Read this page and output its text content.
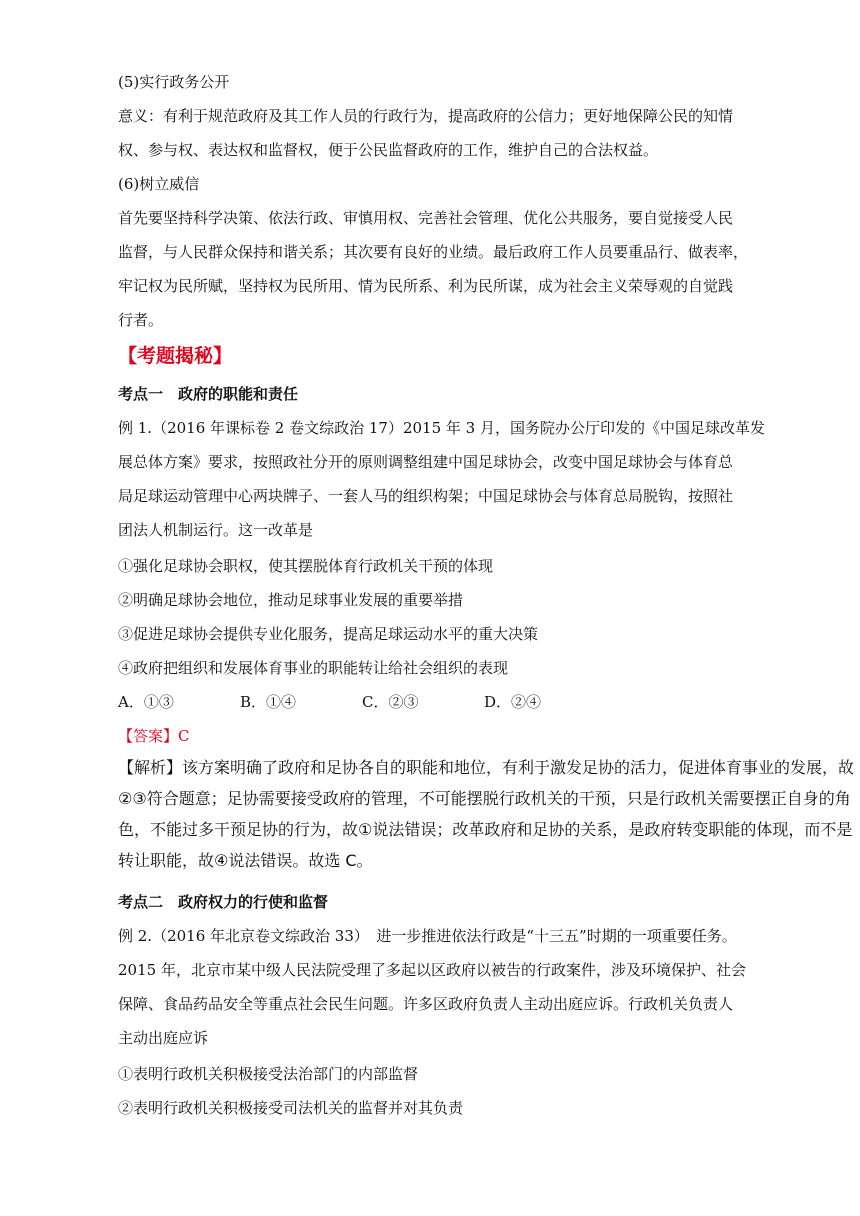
(5)实行政务公开

意义：有利于规范政府及其工作人员的行政行为，提高政府的公信力；更好地保障公民的知情

权、参与权、表达权和监督权，便于公民监督政府的工作，维护自己的合法权益。

(6)树立威信

首先要坚持科学决策、依法行政、审慎用权、完善社会管理、优化公共服务，要自觉接受人民

监督，与人民群众保持和谐关系；其次要有良好的业绩。最后政府工作人员要重品行、做表率，

牢记权为民所赋，坚持权为民所用、情为民所系、利为民所谋，成为社会主义荣辱观的自觉践

行者。

【考题揭秘】

考点一　政府的职能和责任

例 1.（2016 年课标卷 2 卷文综政治 17）2015 年 3 月，国务院办公厅印发的《中国足球改革发

展总体方案》要求，按照政社分开的原则调整组建中国足球协会，改变中国足球协会与体育总

局足球运动管理中心两块牌子、一套人马的组织构架；中国足球协会与体育总局脱钩，按照社

团法人机制运行。这一改革是

①强化足球协会职权，使其摆脱体育行政机关干预的体现

②明确足球协会地位，推动足球事业发展的重要举措

③促进足球协会提供专业化服务，提高足球运动水平的重大决策

④政府把组织和发展体育事业的职能转让给社会组织的表现

A．①③	B．①④	C．②③	D．②④

【答案】C

【解析】该方案明确了政府和足协各自的职能和地位，有利于激发足协的活力，促进体育事业的发展，故
②③符合题意；足协需要接受政府的管理，不可能摆脱行政机关的干预，只是行政机关需要摆正自身的角
色，不能过多干预足协的行为，故①说法错误；改革政府和足协的关系，是政府转变职能的体现，而不是
转让职能，故④说法错误。故选 C。

考点二　政府权力的行使和监督

例 2.（2016 年北京卷文综政治 33）　进一步推进依法行政是“十三五”时期的一项重要任务。

2015 年，北京市某中级人民法院受理了多起以区政府以被告的行政案件，涉及环境保护、社会

保障、食品药品安全等重点社会民生问题。许多区政府负责人主动出庭应诉。行政机关负责人

主动出庭应诉

①表明行政机关积极接受法治部门的内部监督

②表明行政机关积极接受司法机关的监督并对其负责
